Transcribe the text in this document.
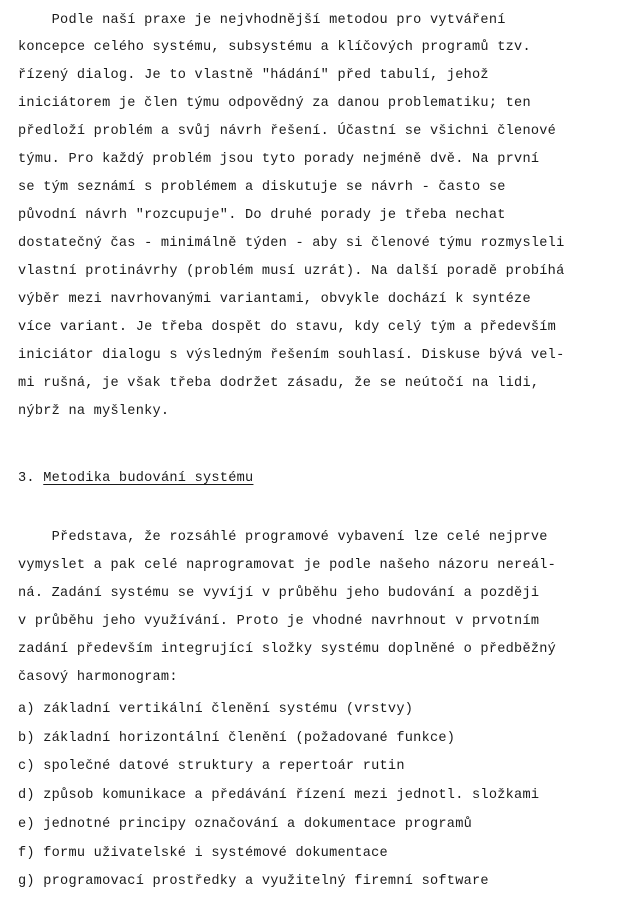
Podle naší praxe je nejvhodnější metodou pro vytváření
koncepce celého systému, subsystému a klíčových programů tzv.
řízený dialog. Je to vlastně "hádání" před tabulí, jehož
iniciátorem je člen týmu odpovědný za danou problematiku; ten
předloží problém a svůj návrh řešení. Účastní se všichni členové
týmu. Pro každý problém jsou tyto porady nejméně dvě. Na první
se tým seznámí s problémem a diskutuje se návrh - často se
původní návrh "rozcupuje". Do druhé porady je třeba nechat
dostatečný čas - minimálně týden - aby si členové týmu rozmysleli
vlastní protinávrhy (problém musí uzrát). Na další poradě probíhá
výběr mezi navrhovanými variantami, obvykle dochází k syntéze
více variant. Je třeba dospět do stavu, kdy celý tým a především
iniciátor dialogu s výsledným řešením souhlasí. Diskuse bývá vel-
mi rušná, je však třeba dodržet zásadu, že se neútočí na lidi,
nýbrž na myšlenky.
3. Metodika budování systému
Představa, že rozsáhlé programové vybavení lze celé nejprve
vymyslet a pak celé naprogramovat je podle našeho názoru nereál-
ná. Zadání systému se vyvíjí v průběhu jeho budování a později
v průběhu jeho využívání. Proto je vhodné navrhnout v prvotním
zadání především integrující složky systému doplněné o předběžný
časový harmonogram:
a) základní vertikální členění systému (vrstvy)
b) základní horizontální členění (požadované funkce)
c) společné datové struktury a repertoár rutin
d) způsob komunikace a předávání řízení mezi jednotl. složkami
e) jednotné principy označování a dokumentace programů
f) formu uživatelské i systémové dokumentace
g) programovací prostředky a využitelný firemní software
